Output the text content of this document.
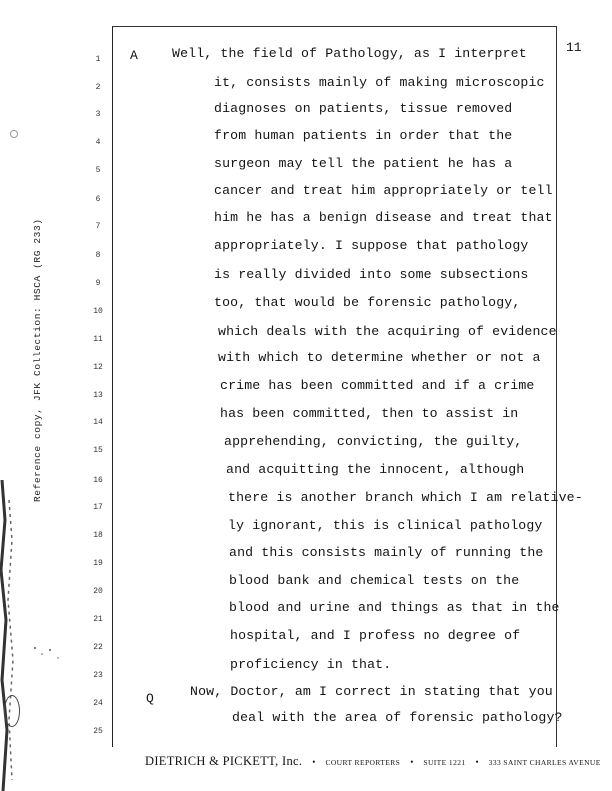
11
Reference copy, JFK Collection: HSCA (RG 233)
1
2
3
4
5
6
7
8
9
10
11
12
13
14
15
16
17
18
19
20
21
22
23
24
25
A
Q
Well, the field of Pathology, as I interpret
it, consists mainly of making microscopic
diagnoses on patients, tissue removed
from human patients in order that the
surgeon may tell the patient he has a
cancer and treat him appropriately or tell
him he has a benign disease and treat that
appropriately. I suppose that pathology
is really divided into some subsections
too, that would be forensic pathology,
which deals with the acquiring of evidence
with which to determine whether or not a
crime has been committed and if a crime
has been committed, then to assist in
apprehending, convicting, the guilty,
and acquitting the innocent, although
there is another branch which I am relative-
ly ignorant, this is clinical pathology
and this consists mainly of running the
blood bank and chemical tests on the
blood and urine and things as that in the
hospital, and I profess no degree of
proficiency in that.
Now, Doctor, am I correct in stating that you
deal with the area of forensic pathology?
DIETRICH & PICKETT, Inc. • COURT REPORTERS • SUITE 1221 • 333 SAINT CHARLES AVENUE
